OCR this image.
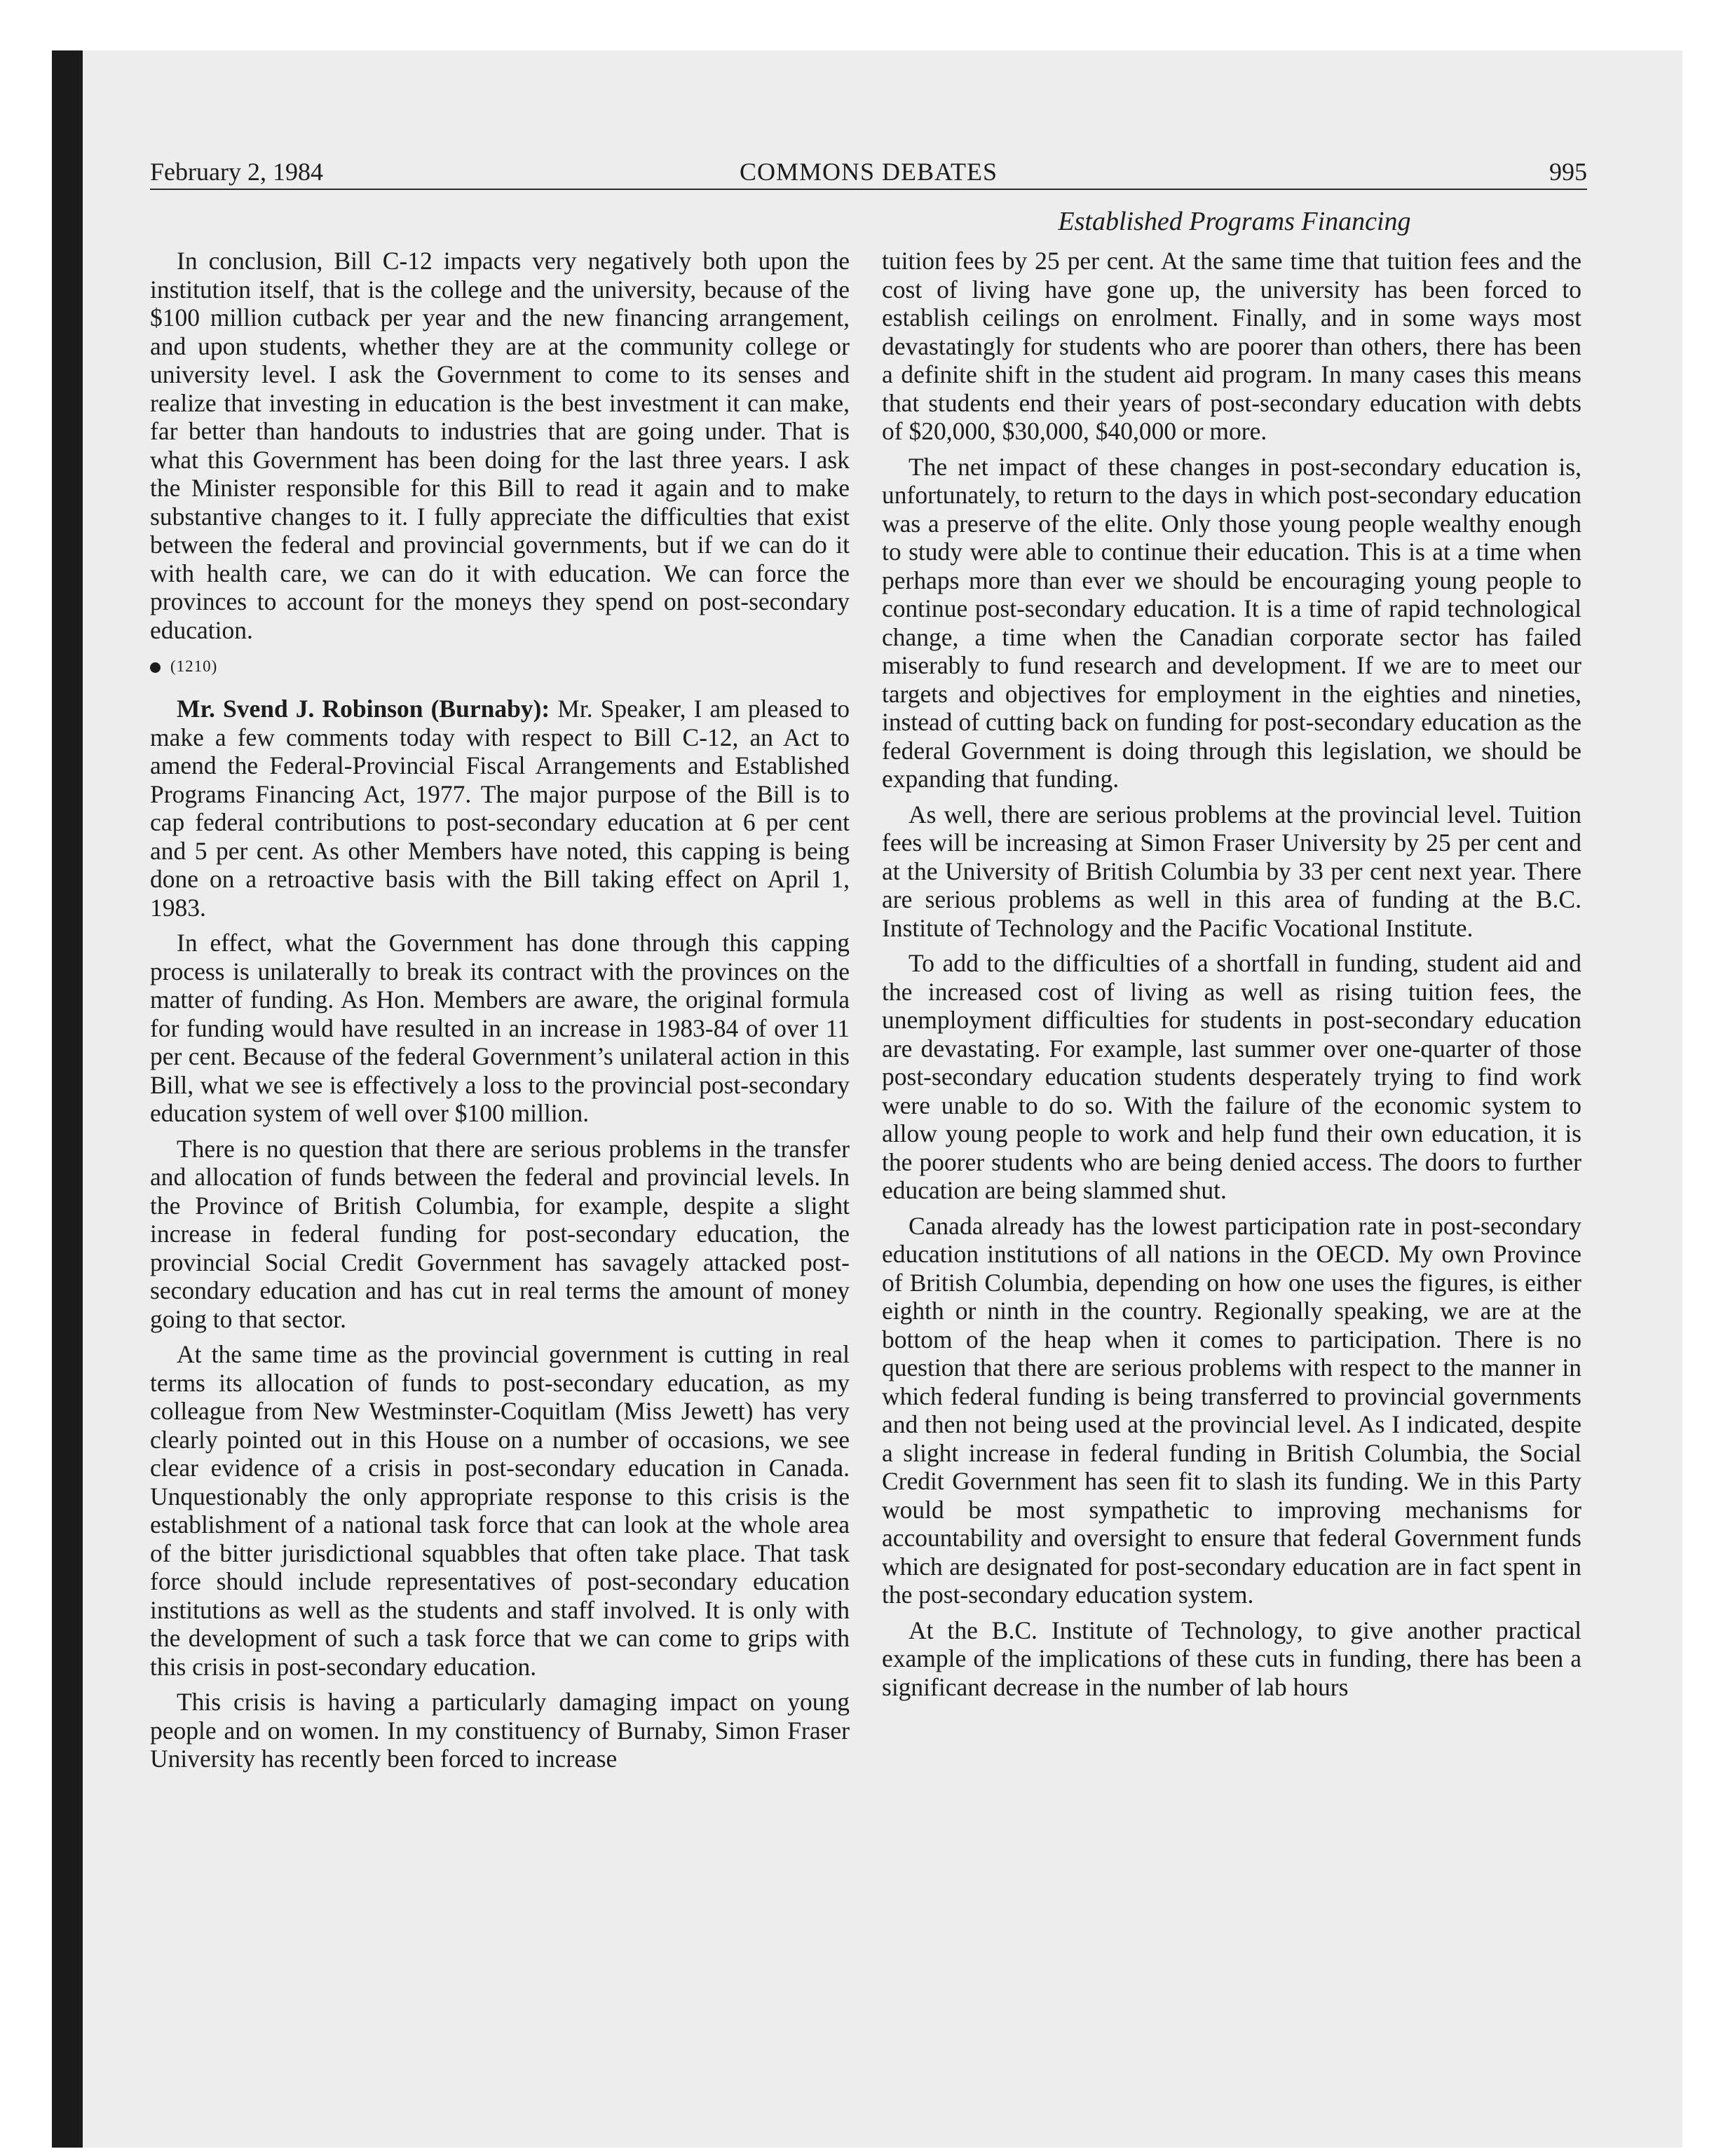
February 2, 1984	COMMONS DEBATES	995
Established Programs Financing

In conclusion, Bill C-12 impacts very negatively both upon the institution itself, that is the college and the university, because of the $100 million cutback per year and the new financing arrangement, and upon students, whether they are at the community college or university level. I ask the Government to come to its senses and realize that investing in education is the best investment it can make, far better than handouts to industries that are going under. That is what this Government has been doing for the last three years. I ask the Minister responsible for this Bill to read it again and to make substantive changes to it. I fully appreciate the difficulties that exist between the federal and provincial governments, but if we can do it with health care, we can do it with education. We can force the provinces to account for the moneys they spend on post-secondary education.

(1210)

Mr. Svend J. Robinson (Burnaby): Mr. Speaker, I am pleased to make a few comments today with respect to Bill C-12, an Act to amend the Federal-Provincial Fiscal Arrangements and Established Programs Financing Act, 1977. The major purpose of the Bill is to cap federal contributions to post-secondary education at 6 per cent and 5 per cent. As other Members have noted, this capping is being done on a retroactive basis with the Bill taking effect on April 1, 1983.

In effect, what the Government has done through this capping process is unilaterally to break its contract with the provinces on the matter of funding. As Hon. Members are aware, the original formula for funding would have resulted in an increase in 1983-84 of over 11 per cent. Because of the federal Government’s unilateral action in this Bill, what we see is effectively a loss to the provincial post-secondary education system of well over $100 million.

There is no question that there are serious problems in the transfer and allocation of funds between the federal and provincial levels. In the Province of British Columbia, for example, despite a slight increase in federal funding for post-secondary education, the provincial Social Credit Government has savagely attacked post-secondary education and has cut in real terms the amount of money going to that sector.

At the same time as the provincial government is cutting in real terms its allocation of funds to post-secondary education, as my colleague from New Westminster-Coquitlam (Miss Jewett) has very clearly pointed out in this House on a number of occasions, we see clear evidence of a crisis in post-secondary education in Canada. Unquestionably the only appropriate response to this crisis is the establishment of a national task force that can look at the whole area of the bitter jurisdictional squabbles that often take place. That task force should include representatives of post-secondary education institutions as well as the students and staff involved. It is only with the development of such a task force that we can come to grips with this crisis in post-secondary education.

This crisis is having a particularly damaging impact on young people and on women. In my constituency of Burnaby, Simon Fraser University has recently been forced to increase

tuition fees by 25 per cent. At the same time that tuition fees and the cost of living have gone up, the university has been forced to establish ceilings on enrolment. Finally, and in some ways most devastatingly for students who are poorer than others, there has been a definite shift in the student aid program. In many cases this means that students end their years of post-secondary education with debts of $20,000, $30,000, $40,000 or more.

The net impact of these changes in post-secondary education is, unfortunately, to return to the days in which post-secondary education was a preserve of the elite. Only those young people wealthy enough to study were able to continue their education. This is at a time when perhaps more than ever we should be encouraging young people to continue post-secondary education. It is a time of rapid technological change, a time when the Canadian corporate sector has failed miserably to fund research and development. If we are to meet our targets and objectives for employment in the eighties and nineties, instead of cutting back on funding for post-secondary education as the federal Government is doing through this legislation, we should be expanding that funding.

As well, there are serious problems at the provincial level. Tuition fees will be increasing at Simon Fraser University by 25 per cent and at the University of British Columbia by 33 per cent next year. There are serious problems as well in this area of funding at the B.C. Institute of Technology and the Pacific Vocational Institute.

To add to the difficulties of a shortfall in funding, student aid and the increased cost of living as well as rising tuition fees, the unemployment difficulties for students in post-secondary education are devastating. For example, last summer over one-quarter of those post-secondary education students desperately trying to find work were unable to do so. With the failure of the economic system to allow young people to work and help fund their own education, it is the poorer students who are being denied access. The doors to further education are being slammed shut.

Canada already has the lowest participation rate in post-secondary education institutions of all nations in the OECD. My own Province of British Columbia, depending on how one uses the figures, is either eighth or ninth in the country. Regionally speaking, we are at the bottom of the heap when it comes to participation. There is no question that there are serious problems with respect to the manner in which federal funding is being transferred to provincial governments and then not being used at the provincial level. As I indicated, despite a slight increase in federal funding in British Columbia, the Social Credit Government has seen fit to slash its funding. We in this Party would be most sympathetic to improving mechanisms for accountability and oversight to ensure that federal Government funds which are designated for post-secondary education are in fact spent in the post-secondary education system.

At the B.C. Institute of Technology, to give another practical example of the implications of these cuts in funding, there has been a significant decrease in the number of lab hours
